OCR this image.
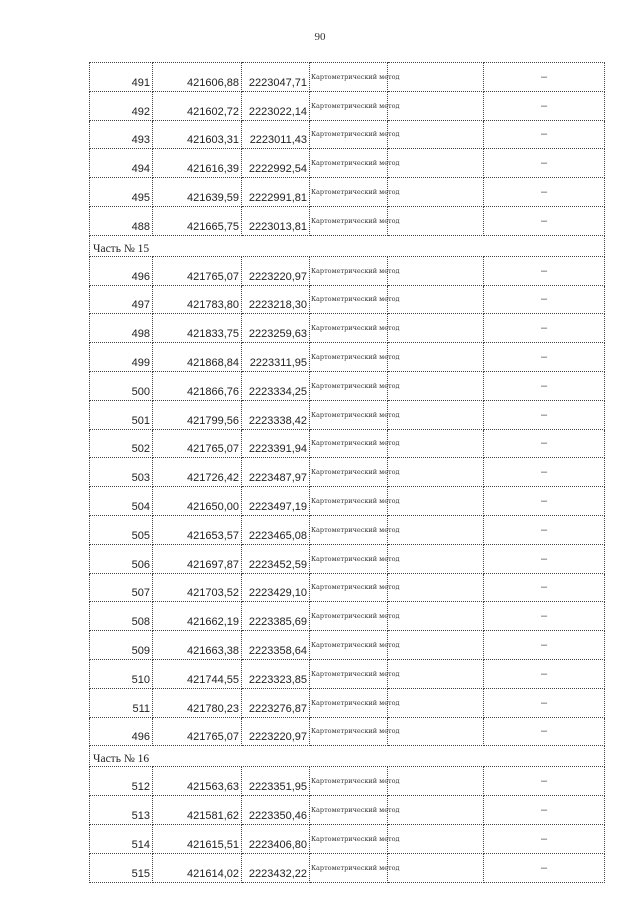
90
491	421606,88	2223047,71	Картометрический метод		–
492	421602,72	2223022,14	Картометрический метод		–
493	421603,31	2223011,43	Картометрический метод		–
494	421616,39	2222992,54	Картометрический метод		–
495	421639,59	2222991,81	Картометрический метод		–
488	421665,75	2223013,81	Картометрический метод		–
Часть № 15					
496	421765,07	2223220,97	Картометрический метод		–
497	421783,80	2223218,30	Картометрический метод		–
498	421833,75	2223259,63	Картометрический метод		–
499	421868,84	2223311,95	Картометрический метод		–
500	421866,76	2223334,25	Картометрический метод		–
501	421799,56	2223338,42	Картометрический метод		–
502	421765,07	2223391,94	Картометрический метод		–
503	421726,42	2223487,97	Картометрический метод		–
504	421650,00	2223497,19	Картометрический метод		–
505	421653,57	2223465,08	Картометрический метод		–
506	421697,87	2223452,59	Картометрический метод		–
507	421703,52	2223429,10	Картометрический метод		–
508	421662,19	2223385,69	Картометрический метод		–
509	421663,38	2223358,64	Картометрический метод		–
510	421744,55	2223323,85	Картометрический метод		–
511	421780,23	2223276,87	Картометрический метод		–
496	421765,07	2223220,97	Картометрический метод		–
Часть № 16					
512	421563,63	2223351,95	Картометрический метод		–
513	421581,62	2223350,46	Картометрический метод		–
514	421615,51	2223406,80	Картометрический метод		–
515	421614,02	2223432,22	Картометрический метод		–
